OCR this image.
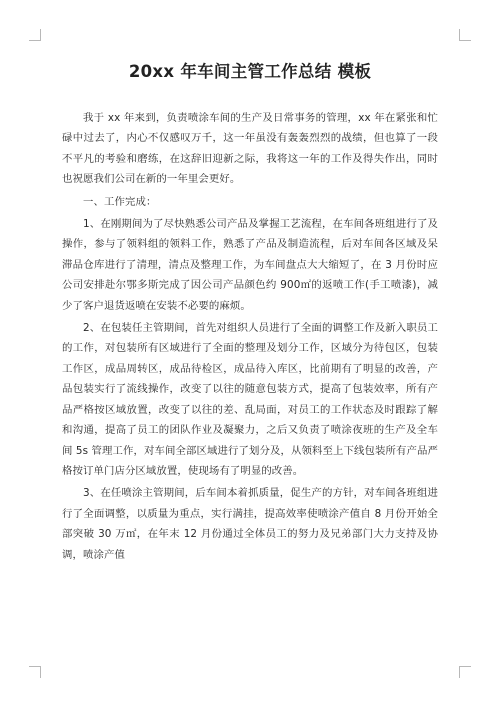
20xx 年车间主管工作总结 模板

我于 xx 年来到，负责喷涂车间的生产及日常事务的管理，xx 年在紧张和忙碌中过去了，内心不仅感叹万千，这一年虽没有轰轰烈烈的战绩，但也算了一段不平凡的考验和磨练，在这辞旧迎新之际，我将这一年的工作及得失作出，同时也祝愿我们公司在新的一年里会更好。

一、工作完成：

1、在刚期间为了尽快熟悉公司产品及掌握工艺流程，在车间各班组进行了及操作，参与了领料组的领料工作，熟悉了产品及制造流程，后对车间各区域及呆滞品仓库进行了清理，清点及整理工作，为车间盘点大大缩短了，在 3 月份时应公司安排赴尔鄂多斯完成了因公司产品颜色约 900㎡的返喷工作(手工喷漆)，减少了客户退货返喷在安装不必要的麻烦。

2、在包装任主管期间，首先对组织人员进行了全面的调整工作及新入职员工的工作，对包装所有区域进行了全面的整理及划分工作，区域分为待包区，包装工作区，成品周转区，成品待检区，成品待入库区，比前期有了明显的改善，产品包装实行了流线操作，改变了以往的随意包装方式，提高了包装效率，所有产品严格按区域放置，改变了以往的差、乱局面，对员工的工作状态及时跟踪了解和沟通，提高了员工的团队作业及凝聚力，之后又负责了喷涂夜班的生产及全车间 5s 管理工作，对车间全部区域进行了划分及，从领料至上下线包装所有产品严格按订单门店分区域放置，使现场有了明显的改善。

3、在任喷涂主管期间，后车间本着抓质量，促生产的方针，对车间各班组进行了全面调整，以质量为重点，实行满挂，提高效率使喷涂产值自 8 月份开始全部突破 30 万㎡，在年末 12 月份通过全体员工的努力及兄弟部门大力支持及协调，喷涂产值
